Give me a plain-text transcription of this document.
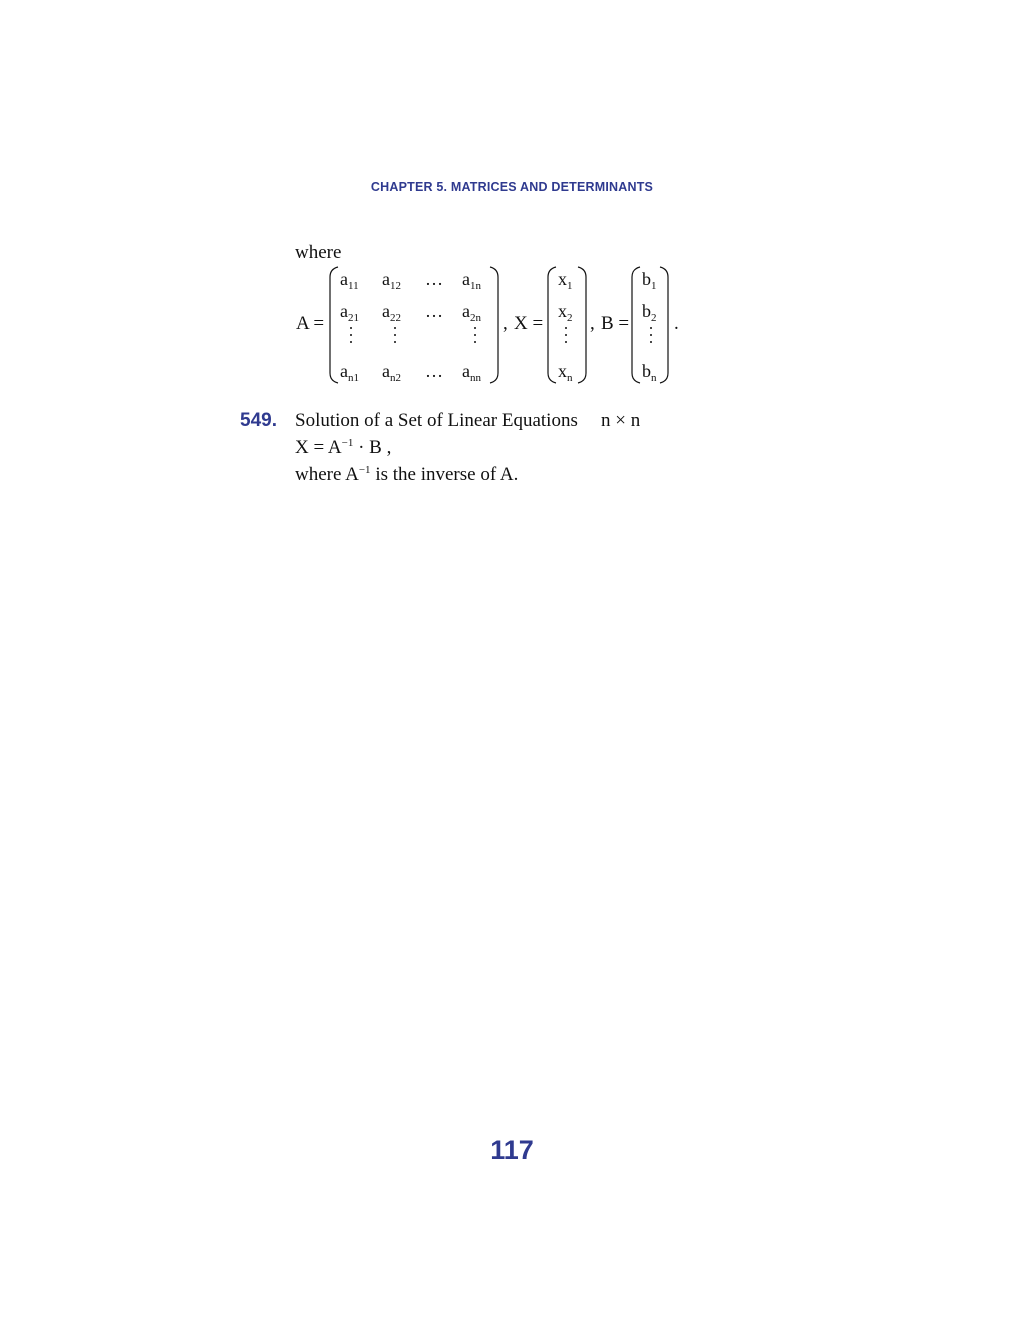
CHAPTER 5. MATRICES AND DETERMINANTS
where
A =
$a_{11}$ $a_{12}$ … $a_{1n}$
$a_{21}$ $a_{22}$ … $a_{2n}$
$a_{n1}$ $a_{n2}$ … $a_{nn}$
, X =
$x_1$
$x_2$
$x_n$
, B =
$b_1$
$b_2$
$b_n$
.
549. Solution of a Set of Linear Equations n × n
$X = A^{-1} \cdot B$ ,
where $A^{-1}$ is the inverse of A.
117
